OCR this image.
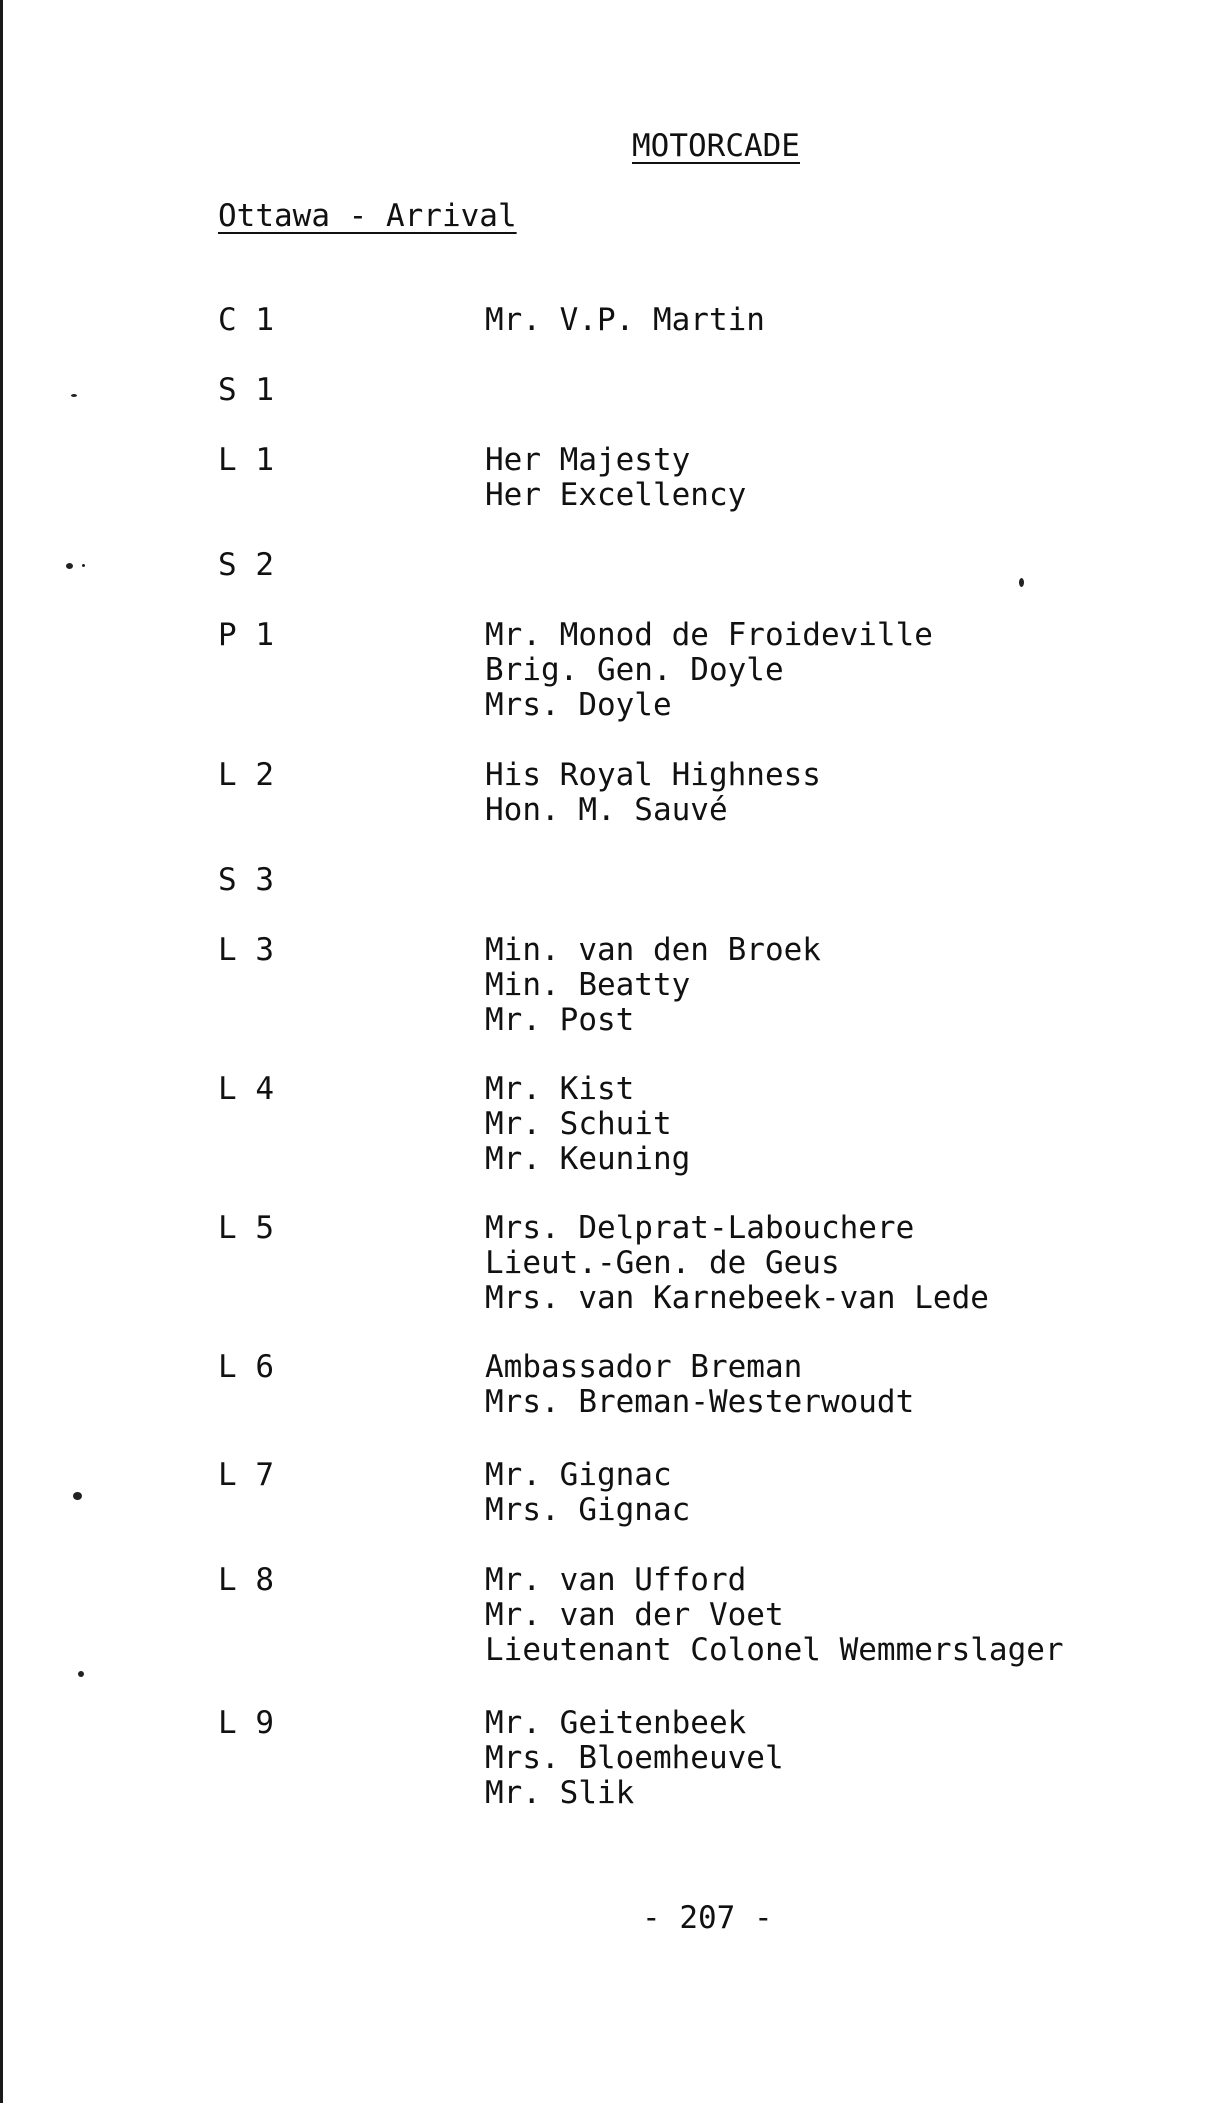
MOTORCADE
Ottawa - Arrival
C 1	Mr. V.P. Martin
S 1
L 1	Her Majesty
Her Excellency
S 2
P 1	Mr. Monod de Froideville
Brig. Gen. Doyle
Mrs. Doyle
L 2	His Royal Highness
Hon. M. Sauvé
S 3
L 3	Min. van den Broek
Min. Beatty
Mr. Post
L 4	Mr. Kist
Mr. Schuit
Mr. Keuning
L 5	Mrs. Delprat-Labouchere
Lieut.-Gen. de Geus
Mrs. van Karnebeek-van Lede
L 6	Ambassador Breman
Mrs. Breman-Westerwoudt
L 7	Mr. Gignac
Mrs. Gignac
L 8	Mr. van Ufford
Mr. van der Voet
Lieutenant Colonel Wemmerslager
L 9	Mr. Geitenbeek
Mrs. Bloemheuvel
Mr. Slik
- 207 -
